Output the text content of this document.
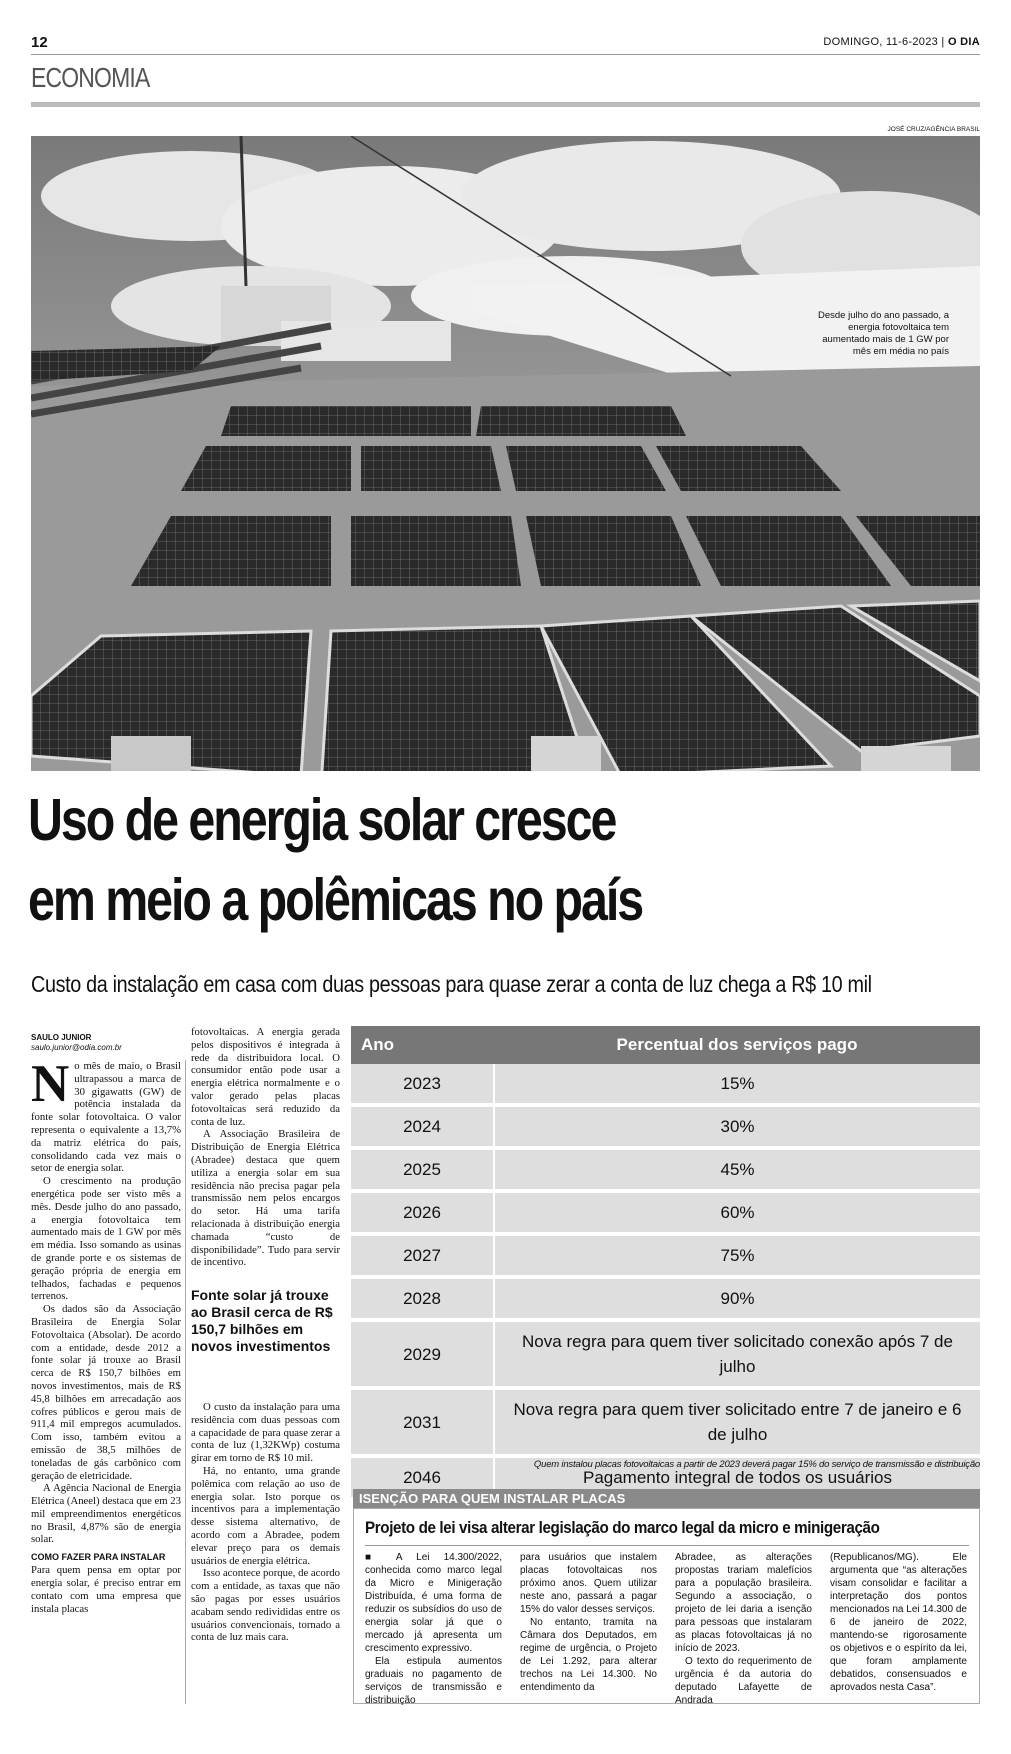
12	DOMINGO, 11-6-2023 | O DIA
ECONOMIA
JOSÉ CRUZ/AGÊNCIA BRASIL
Desde julho do ano passado, a energia fotovoltaica tem aumentado mais de 1 GW por mês em média no país
Uso de energia solar cresce
em meio a polêmicas no país
Custo da instalação em casa com duas pessoas para quase zerar a conta de luz chega a R$ 10 mil
SAULO JUNIOR
saulo.junior@odia.com.br

No mês de maio, o Brasil ultrapassou a marca de 30 gigawatts (GW) de potência instalada da fonte solar fotovoltaica. O valor representa o equivalente a 13,7% da matriz elétrica do país, consolidando cada vez mais o setor de energia solar.

O crescimento na produção energética pode ser visto mês a mês. Desde julho do ano passado, a energia fotovoltaica tem aumentado mais de 1 GW por mês em média. Isso somando as usinas de grande porte e os sistemas de geração própria de energia em telhados, fachadas e pequenos terrenos.

Os dados são da Associação Brasileira de Energia Solar Fotovoltaica (Absolar). De acordo com a entidade, desde 2012 a fonte solar já trouxe ao Brasil cerca de R$ 150,7 bilhões em novos investimentos, mais de R$ 45,8 bilhões em arrecadação aos cofres públicos e gerou mais de 911,4 mil empregos acumulados. Com isso, também evitou a emissão de 38,5 milhões de toneladas de gás carbônico com geração de eletricidade.

A Agência Nacional de Energia Elétrica (Aneel) destaca que em 23 mil empreendimentos energéticos no Brasil, 4,87% são de energia solar.

COMO FAZER PARA INSTALAR

Para quem pensa em optar por energia solar, é preciso entrar em contato com uma empresa que instala placas

fotovoltaicas. A energia gerada pelos dispositivos é integrada à rede da distribuidora local. O consumidor então pode usar a energia elétrica normalmente e o valor gerado pelas placas fotovoltaicas será reduzido da conta de luz.

A Associação Brasileira de Distribuição de Energia Elétrica (Abradee) destaca que quem utiliza a energia solar em sua residência não precisa pagar pela transmissão nem pelos encargos do setor. Há uma tarifa relacionada à distribuição energia chamada “custo de disponibilidade”. Tudo para servir de incentivo.

Fonte solar já trouxe ao Brasil cerca de R$ 150,7 bilhões em novos investimentos

O custo da instalação para uma residência com duas pessoas com a capacidade de para quase zerar a conta de luz (1,32KWp) costuma girar em torno de R$ 10 mil.

Há, no entanto, uma grande polêmica com relação ao uso de energia solar. Isto porque os incentivos para a implementação desse sistema alternativo, de acordo com a Abradee, podem elevar preço para os demais usuários de energia elétrica.

Isso acontece porque, de acordo com a entidade, as taxas que não são pagas por esses usuários acabam sendo redivididas entre os usuários convencionais, tornado a conta de luz mais cara.

Ano	Percentual dos serviços pago
2023	15%
2024	30%
2025	45%
2026	60%
2027	75%
2028	90%
2029	Nova regra para quem tiver solicitado conexão após 7 de julho
2031	Nova regra para quem tiver solicitado entre 7 de janeiro e 6 de julho
2046	Pagamento integral de todos os usuários
Quem instalou placas fotovoltaicas a partir de 2023 deverá pagar 15% do serviço de transmissão e distribuição
ISENÇÃO PARA QUEM INSTALAR PLACAS
Projeto de lei visa alterar legislação do marco legal da micro e minigeração

■ A Lei 14.300/2022, conhecida como marco legal da Micro e Minigeração Distribuída, é uma forma de reduzir os subsídios do uso de energia solar já que o mercado já apresenta um crescimento expressivo.

Ela estipula aumentos graduais no pagamento de serviços de transmissão e distribuição

para usuários que instalem placas fotovoltaicas nos próximo anos. Quem utilizar neste ano, passará a pagar 15% do valor desses serviços.

No entanto, tramita na Câmara dos Deputados, em regime de urgência, o Projeto de Lei 1.292, para alterar trechos na Lei 14.300. No entendimento da

Abradee, as alterações propostas trariam malefícios para a população brasileira. Segundo a associação, o projeto de lei daria a isenção para pessoas que instalaram as placas fotovoltaicas já no início de 2023.

O texto do requerimento de urgência é da autoria do deputado Lafayette de Andrada

(Republicanos/MG). Ele argumenta que “as alterações visam consolidar e facilitar a interpretação dos pontos mencionados na Lei 14.300 de 6 de janeiro de 2022, mantendo-se rigorosamente os objetivos e o espírito da lei, que foram amplamente debatidos, consensuados e aprovados nesta Casa”.
